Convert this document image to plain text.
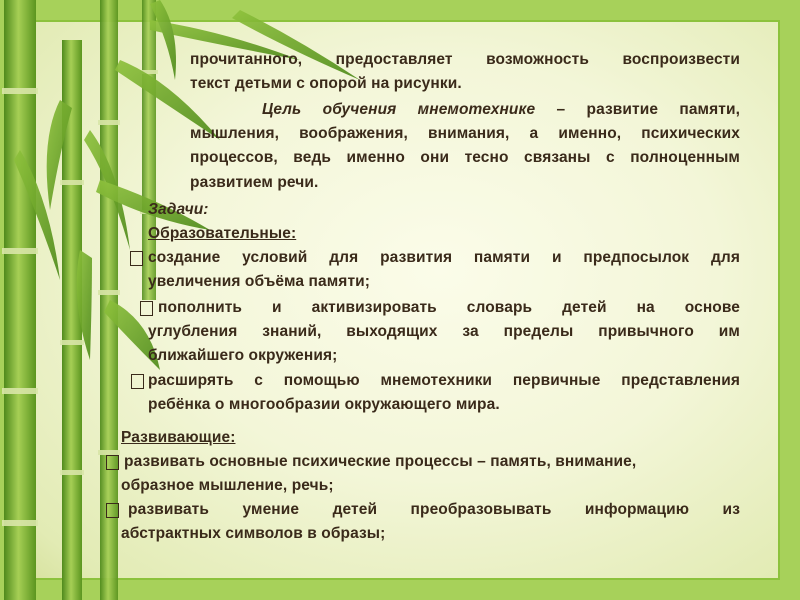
прочитанного, предоставляет возможность воспроизвести
текст детьми с опорой на рисунки.
Цель обучения мнемотехнике – развитие памяти,
мышления, воображения, внимания, а именно, психических
процессов, ведь именно они тесно связаны с полноценным
развитием речи.
Задачи:
Образовательные:
создание условий для развития памяти и предпосылок для
увеличения объёма памяти;
пополнить и активизировать словарь детей на основе
углубления знаний, выходящих за пределы привычного им
ближайшего окружения;
расширять с помощью мнемотехники первичные представления
ребёнка о многообразии окружающего мира.
Развивающие:
развивать основные психические процессы – память, внимание,
образное мышление, речь;
развивать умение детей преобразовывать информацию из
абстрактных символов в образы;
